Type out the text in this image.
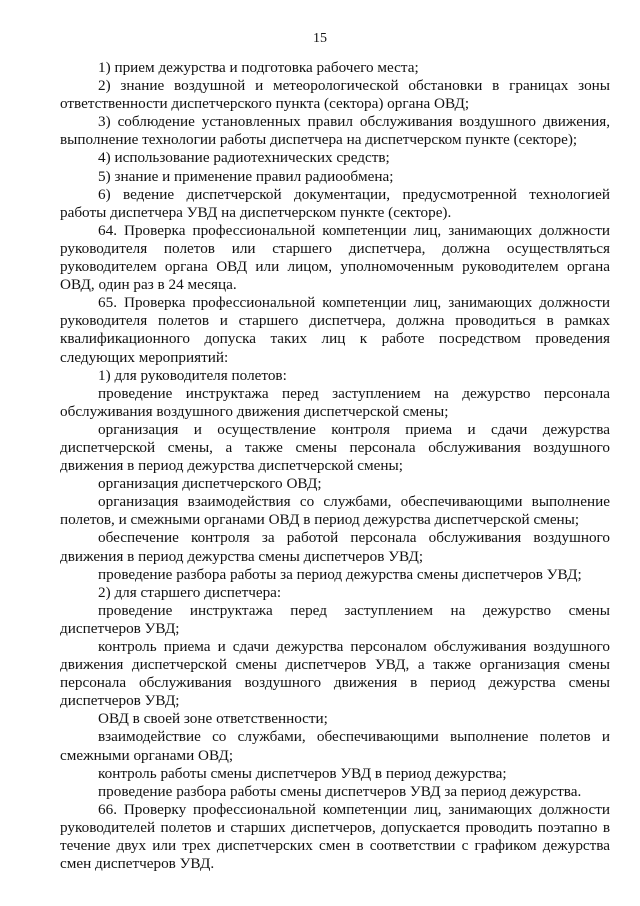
15
1) прием дежурства и подготовка рабочего места;
2) знание воздушной и метеорологической обстановки в границах зоны
ответственности диспетчерского пункта (сектора) органа ОВД;
3) соблюдение установленных правил обслуживания воздушного движения,
выполнение технологии работы диспетчера на диспетчерском пункте (секторе);
4) использование радиотехнических средств;
5) знание и применение правил радиообмена;
6) ведение диспетчерской документации, предусмотренной технологией
работы диспетчера УВД на диспетчерском пункте (секторе).
64. Проверка профессиональной компетенции лиц, занимающих должности
руководителя полетов или старшего диспетчера, должна осуществляться
руководителем органа ОВД или лицом, уполномоченным руководителем органа
ОВД, один раз в 24 месяца.
65. Проверка профессиональной компетенции лиц, занимающих должности
руководителя полетов и старшего диспетчера, должна проводиться в рамках
квалификационного допуска таких лиц к работе посредством проведения
следующих мероприятий:
1) для руководителя полетов:
проведение инструктажа перед заступлением на дежурство персонала
обслуживания воздушного движения диспетчерской смены;
организация и осуществление контроля приема и сдачи дежурства
диспетчерской смены, а также смены персонала обслуживания воздушного
движения в период дежурства диспетчерской смены;
организация диспетчерского ОВД;
организация взаимодействия со службами, обеспечивающими выполнение
полетов, и смежными органами ОВД в период дежурства диспетчерской смены;
обеспечение контроля за работой персонала обслуживания воздушного
движения в период дежурства смены диспетчеров УВД;
проведение разбора работы за период дежурства смены диспетчеров УВД;
2) для старшего диспетчера:
проведение инструктажа перед заступлением на дежурство смены
диспетчеров УВД;
контроль приема и сдачи дежурства персоналом обслуживания воздушного
движения диспетчерской смены диспетчеров УВД, а также организация смены
персонала обслуживания воздушного движения в период дежурства смены
диспетчеров УВД;
ОВД в своей зоне ответственности;
взаимодействие со службами, обеспечивающими выполнение полетов и
смежными органами ОВД;
контроль работы смены диспетчеров УВД в период дежурства;
проведение разбора работы смены диспетчеров УВД за период дежурства.
66. Проверку профессиональной компетенции лиц, занимающих должности
руководителей полетов и старших диспетчеров, допускается проводить поэтапно в
течение двух или трех диспетчерских смен в соответствии с графиком дежурства
смен диспетчеров УВД.
